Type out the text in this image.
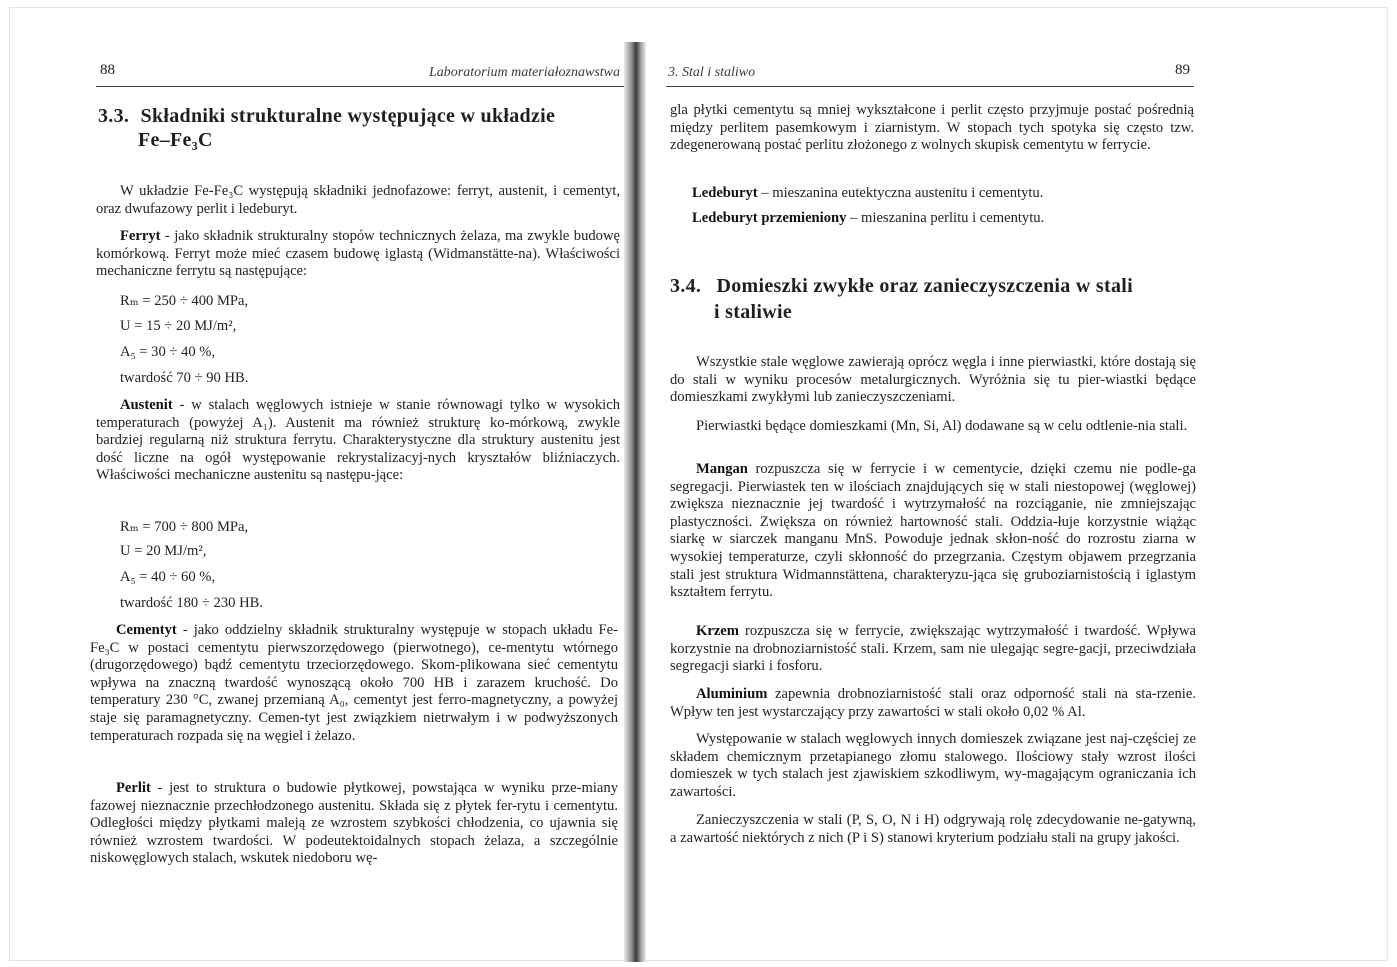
88	Laboratorium materiałoznawstwa
3.3. Składniki strukturalne występujące w układzie
Fe–Fe₃C

W układzie Fe-Fe₃C występują składniki jednofazowe: ferryt, austenit, i cementyt, oraz dwufazowy perlit i ledeburyt.

Ferryt - jako składnik strukturalny stopów technicznych żelaza, ma zwykle budowę komórkową. Ferryt może mieć czasem budowę iglastą (Widmanstätte-na). Właściwości mechaniczne ferrytu są następujące:

Rₘ = 250 ÷ 400 MPa,
U = 15 ÷ 20 MJ/m²,
A₅ = 30 ÷ 40 %,
twardość 70 ÷ 90 HB.

Austenit - w stalach węglowych istnieje w stanie równowagi tylko w wysokich temperaturach (powyżej A₁). Austenit ma również strukturę ko-mórkową, zwykle bardziej regularną niż struktura ferrytu. Charakterystyczne dla struktury austenitu jest dość liczne na ogół występowanie rekrystalizacyj-nych kryształów bliźniaczych. Właściwości mechaniczne austenitu są następu-jące:

Rₘ = 700 ÷ 800 MPa,
U = 20 MJ/m²,
A₅ = 40 ÷ 60 %,
twardość 180 ÷ 230 HB.

Cementyt - jako oddzielny składnik strukturalny występuje w stopach układu Fe-Fe₃C w postaci cementytu pierwszorzędowego (pierwotnego), ce-mentytu wtórnego (drugorzędowego) bądź cementytu trzeciorzędowego. Skom-plikowana sieć cementytu wpływa na znaczną twardość wynoszącą około 700 HB i zarazem kruchość. Do temperatury 230 °C, zwanej przemianą A₀, cementyt jest ferro-magnetyczny, a powyżej staje się paramagnetyczny. Cemen-tyt jest związkiem nietrwałym i w podwyższonych temperaturach rozpada się na węgiel i żelazo.

Perlit - jest to struktura o budowie płytkowej, powstająca w wyniku prze-miany fazowej nieznacznie przechłodzonego austenitu. Składa się z płytek fer-rytu i cementytu. Odległości między płytkami maleją ze wzrostem szybkości chłodzenia, co ujawnia się również wzrostem twardości. W podeutektoidalnych stopach żelaza, a szczególnie niskowęglowych stalach, wskutek niedoboru wę-

3. Stal i staliwo	89

gla płytki cementytu są mniej wykształcone i perlit często przyjmuje postać pośrednią między perlitem pasemkowym i ziarnistym. W stopach tych spotyka się często tzw. zdegenerowaną postać perlitu złożonego z wolnych skupisk cementytu w ferrycie.

Ledeburyt – mieszanina eutektyczna austenitu i cementytu.

Ledeburyt przemieniony – mieszanina perlitu i cementytu.

3.4. Domieszki zwykłe oraz zanieczyszczenia w stali
i staliwie

Wszystkie stale węglowe zawierają oprócz węgla i inne pierwiastki, które dostają się do stali w wyniku procesów metalurgicznych. Wyróżnia się tu pier-wiastki będące domieszkami zwykłymi lub zanieczyszczeniami.

Pierwiastki będące domieszkami (Mn, Si, Al) dodawane są w celu odtlenie-nia stali.

Mangan rozpuszcza się w ferrycie i w cementycie, dzięki czemu nie podle-ga segregacji. Pierwiastek ten w ilościach znajdujących się w stali niestopowej (węglowej) zwiększa nieznacznie jej twardość i wytrzymałość na rozciąganie, nie zmniejszając plastyczności. Zwiększa on również hartowność stali. Oddzia-łuje korzystnie wiążąc siarkę w siarczek manganu MnS. Powoduje jednak skłon-ność do rozrostu ziarna w wysokiej temperaturze, czyli skłonność do przegrzania. Częstym objawem przegrzania stali jest struktura Widmannstättena, charakteryzu-jąca się gruboziarnistością i iglastym kształtem ferrytu.

Krzem rozpuszcza się w ferrycie, zwiększając wytrzymałość i twardość. Wpływa korzystnie na drobnoziarnistość stali. Krzem, sam nie ulegając segre-gacji, przeciwdziała segregacji siarki i fosforu.

Aluminium zapewnia drobnoziarnistość stali oraz odporność stali na sta-rzenie. Wpływ ten jest wystarczający przy zawartości w stali około 0,02 % Al.

Występowanie w stalach węglowych innych domieszek związane jest naj-częściej ze składem chemicznym przetapianego złomu stalowego. Ilościowy stały wzrost ilości domieszek w tych stalach jest zjawiskiem szkodliwym, wy-magającym ograniczania ich zawartości.

Zanieczyszczenia w stali (P, S, O, N i H) odgrywają rolę zdecydowanie ne-gatywną, a zawartość niektórych z nich (P i S) stanowi kryterium podziału stali na grupy jakości.
